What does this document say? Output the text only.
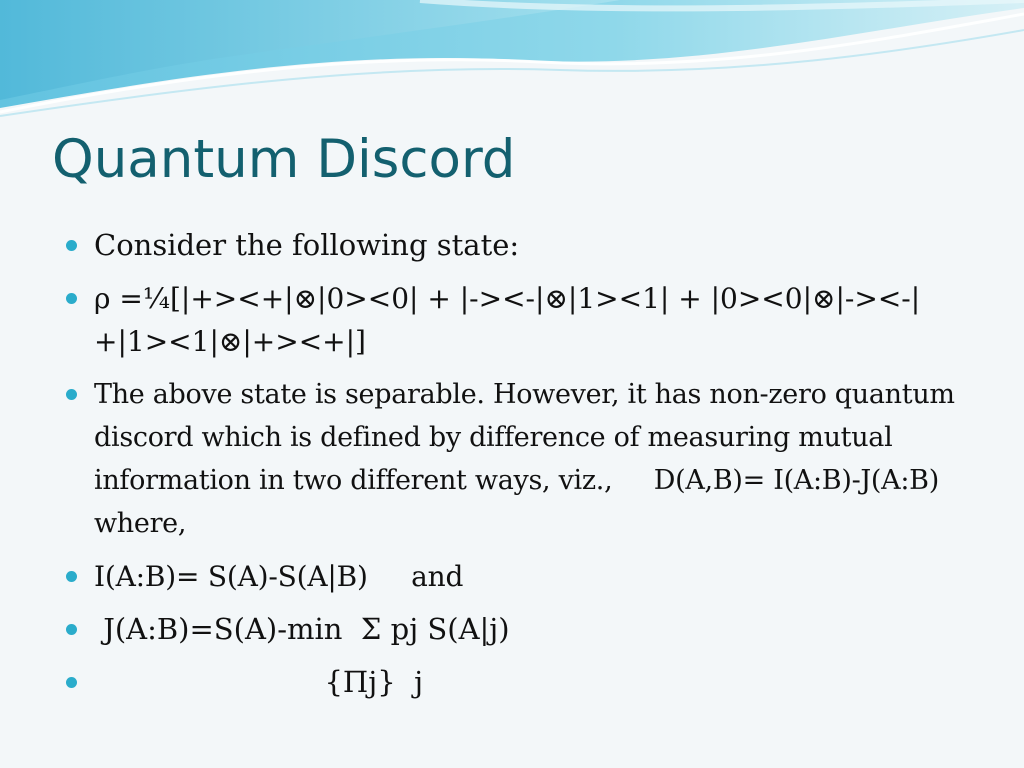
Quantum Discord
Consider the following state:
ρ =¼[|+><+|⊗|0><0| + |-><-|⊗|1><1| + |0><0|⊗|-><-| +|1><1|⊗|+><+|]
The above state is separable. However, it has non-zero quantum discord which is defined by difference of measuring mutual information in two different ways, viz.,     D(A,B)= I(A:B)-J(A:B)     where,
I(A:B)= S(A)-S(A|B)     and
J(A:B)=S(A)-min  Σ pj S(A|j)
{Πj}  j
